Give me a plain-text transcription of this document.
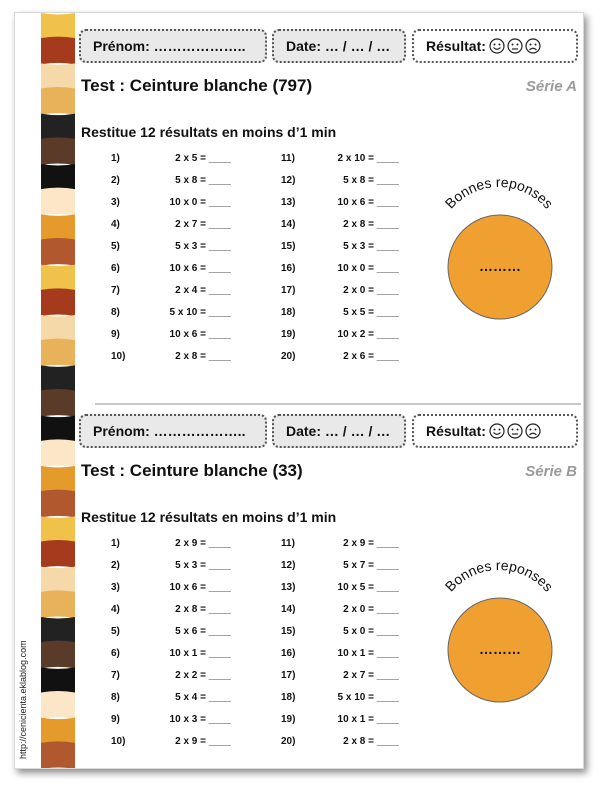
http://cenicienta.eklablog.com
Prénom: ………………..	Date: … / … / …	Résultat:
Test : Ceinture blanche (797)	Série A
Restitue 12 résultats en moins d’1 min
1)	2 x 5 = ____
2)	5 x 8 = ____
3)	10 x 0 = ____
4)	2 x 7 = ____
5)	5 x 3 = ____
6)	10 x 6 = ____
7)	2 x 4 = ____
8)	5 x 10 = ____
9)	10 x 6 = ____
10)	2 x 8 = ____
11)	2 x 10 = ____
12)	5 x 8 = ____
13)	10 x 6 = ____
14)	2 x 8 = ____
15)	5 x 3 = ____
16)	10 x 0 = ____
17)	2 x 0 = ____
18)	5 x 5 = ____
19)	10 x 2 = ____
20)	2 x 6 = ____
Bonnes réponses
………
Prénom: ………………..	Date: … / … / …	Résultat:
Test : Ceinture blanche (33)	Série B
Restitue 12 résultats en moins d’1 min
1)	2 x 9 = ____
2)	5 x 3 = ____
3)	10 x 6 = ____
4)	2 x 8 = ____
5)	5 x 6 = ____
6)	10 x 1 = ____
7)	2 x 2 = ____
8)	5 x 4 = ____
9)	10 x 3 = ____
10)	2 x 9 = ____
11)	2 x 9 = ____
12)	5 x 7 = ____
13)	10 x 5 = ____
14)	2 x 0 = ____
15)	5 x 0 = ____
16)	10 x 1 = ____
17)	2 x 7 = ____
18)	5 x 10 = ____
19)	10 x 1 = ____
20)	2 x 8 = ____
Bonnes réponses
………
